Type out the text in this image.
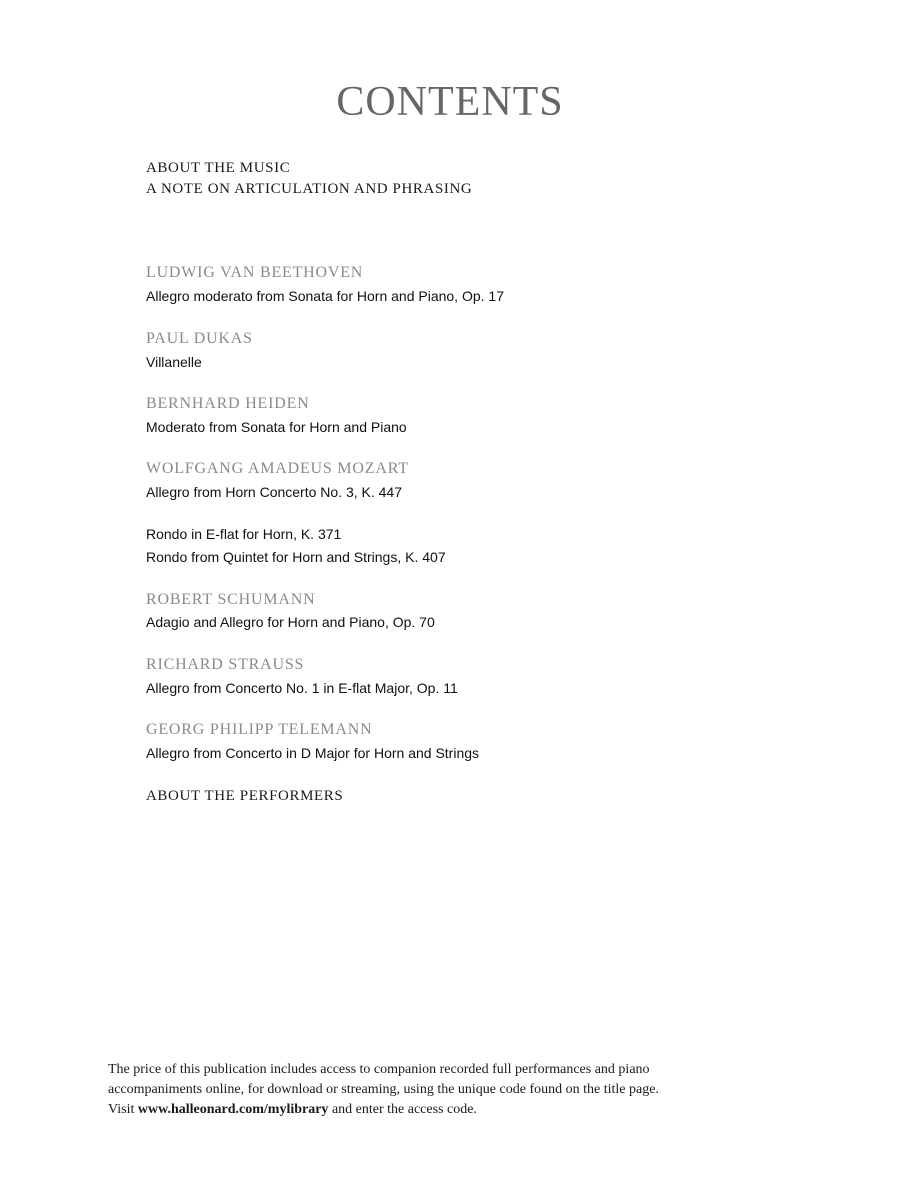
CONTENTS
ABOUT THE MUSIC
A NOTE ON ARTICULATION AND PHRASING
LUDWIG VAN BEETHOVEN
Allegro moderato from Sonata for Horn and Piano, Op. 17
PAUL DUKAS
Villanelle
BERNHARD HEIDEN
Moderato from Sonata for Horn and Piano
WOLFGANG AMADEUS MOZART
Allegro from Horn Concerto No. 3, K. 447
Rondo in E-flat for Horn, K. 371
Rondo from Quintet for Horn and Strings, K. 407
ROBERT SCHUMANN
Adagio and Allegro for Horn and Piano, Op. 70
RICHARD STRAUSS
Allegro from Concerto No. 1 in E-flat Major, Op. 11
GEORG PHILIPP TELEMANN
Allegro from Concerto in D Major for Horn and Strings
ABOUT THE PERFORMERS
The price of this publication includes access to companion recorded full performances and piano
accompaniments online, for download or streaming, using the unique code found on the title page.
Visit www.halleonard.com/mylibrary and enter the access code.
